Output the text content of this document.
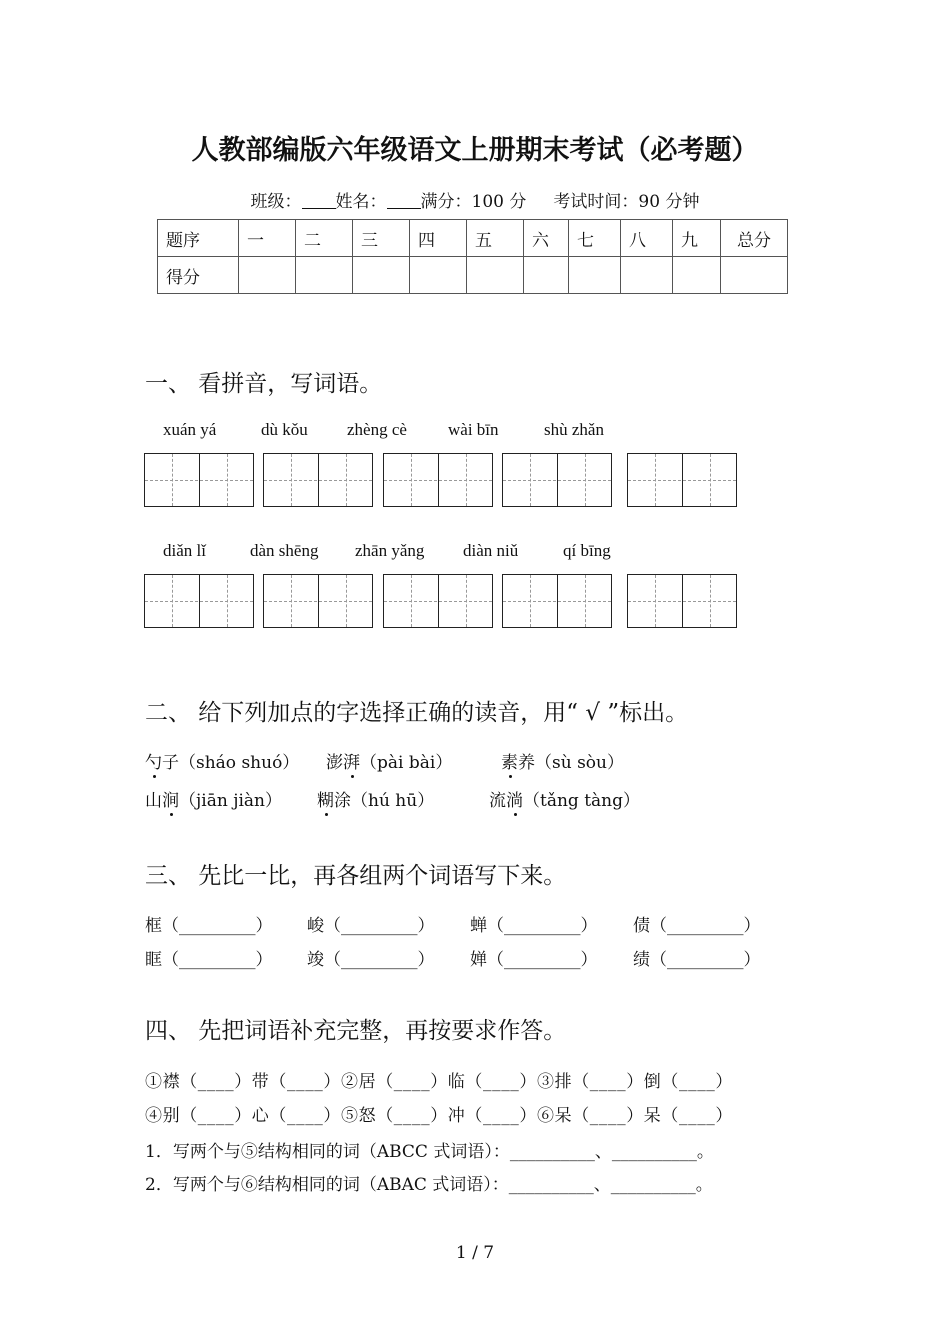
人教部编版六年级语文上册期末考试（必考题）
班级： 姓名： 满分：100 分 考试时间：90 分钟
题序	一	二	三	四	五	六	七	八	九	总分
得分										
一、 看拼音，写词语。
xuán yá	dù kǒu zhèng cè wài bīn	shù zhǎn
diǎn lǐ	dàn shēng zhān yǎng diàn niǔ	qí bīng
二、 给下列加点的字选择正确的读音，用“ √ ”标出。
勺子（sháo shuó） 澎湃（pài bài）	素养（sù sòu）
山涧（jiān jiàn） 糊涂（hú hū）	流淌（tǎng tàng）
三、 先比一比，再各组两个词语写下来。
框（_________） 峻（_________） 蝉（_________） 债（_________）
眶（_________） 竣（_________） 婵（_________） 绩（_________）
四、 先把词语补充完整，再按要求作答。
①襟（____）带（____）②居（____）临（____）③排（____）倒（____）
④别（____）心（____）⑤怒（____）冲（____）⑥呆（____）呆（____）
1．写两个与⑤结构相同的词（ABCC 式词语）：__________、__________。
2．写两个与⑥结构相同的词（ABAC 式词语）：__________、__________。
1 / 7
